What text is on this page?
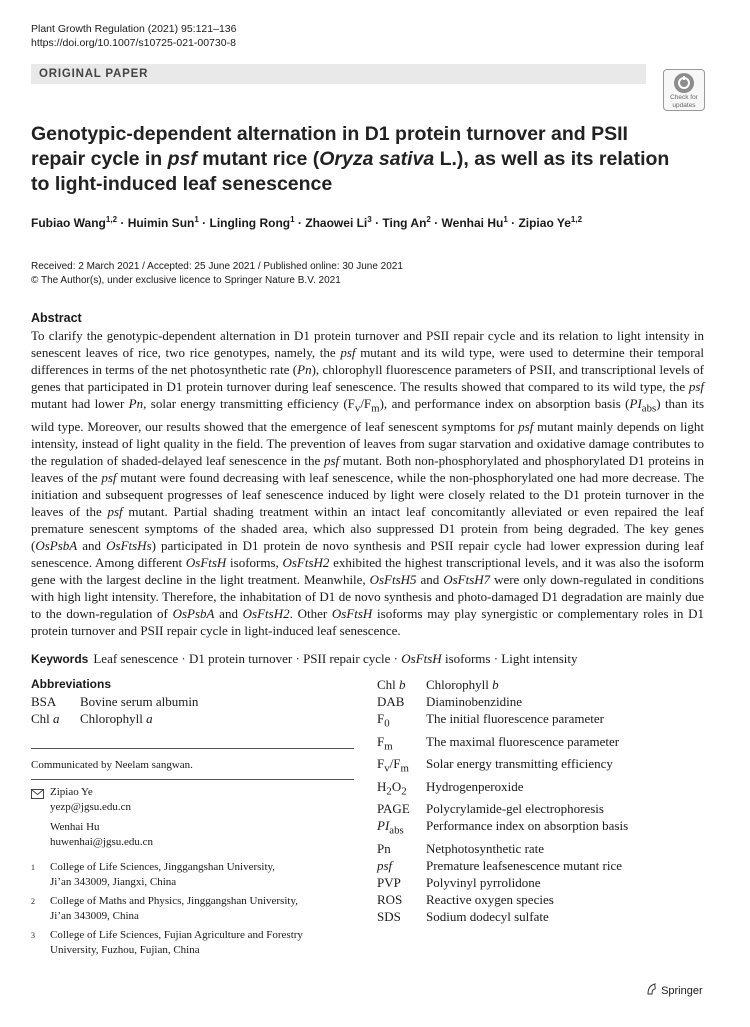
Plant Growth Regulation (2021) 95:121–136
https://doi.org/10.1007/s10725-021-00730-8
ORIGINAL PAPER
Check for
updates
Genotypic-dependent alternation in D1 protein turnover and PSII
repair cycle in psf mutant rice (Oryza sativa L.), as well as its relation
to light-induced leaf senescence
Fubiao Wang$^{1,2}$ · Huimin Sun$^1$ · Lingling Rong$^1$ · Zhaowei $Li^3$ · Ting $An^2$ · Wenhai $Hu^1$ · Zipiao Ye$^{1,2}$
Received: 2 March 2021 / Accepted: 25 June 2021 / Published online: 30 June 2021
© The Author(s), under exclusive licence to Springer Nature B.V. 2021
Abstract
To clarify the genotypic-dependent alternation in D1 protein turnover and PSII repair cycle and its relation to light intensity in senescent leaves of rice, two rice genotypes, namely, the psf mutant and its wild type, were used to determine their temporal differences in terms of the net photosynthetic rate (Pn), chlorophyll fluorescence parameters of PSII, and transcriptional levels of genes that participated in D1 protein turnover during leaf senescence. The results showed that compared to its wild type, the psf mutant had lower Pn, solar energy transmitting efficiency $(F_v/F_m)$, and performance index on absorption basis $(PI_{abs})$ than its wild type. Moreover, our results showed that the emergence of leaf senescent symptoms for psf mutant mainly depends on light intensity, instead of light quality in the field. The prevention of leaves from sugar starvation and oxidative damage contributes to the regulation of shaded-delayed leaf senescence in the psf mutant. Both non-phosphorylated and phosphorylated D1 proteins in leaves of the psf mutant were found decreasing with leaf senescence, while the non-phosphorylated one had more decrease. The initiation and subsequent progresses of leaf senescence induced by light were closely related to the D1 protein turnover in the leaves of the psf mutant. Partial shading treatment within an intact leaf concomitantly alleviated or even repaired the leaf premature senescent symptoms of the shaded area, which also suppressed D1 protein from being degraded. The key genes (OsPsbA and OsFtsHs) participated in D1 protein de novo synthesis and PSII repair cycle had lower expression during leaf senescence. Among different OsFtsH isoforms, OsFtsH2 exhibited the highest transcriptional levels, and it was also the isoform gene with the largest decline in the light treatment. Meanwhile, OsFtsH5 and OsFtsH7 were only down-regulated in conditions with high light intensity. Therefore, the inhabitation of D1 de novo synthesis and photo-damaged D1 degradation are mainly due to the down-regulation of OsPsbA and OsFtsH2. Other OsFtsH isoforms may play synergistic or complementary roles in D1 protein turnover and PSII repair cycle in light-induced leaf senescence.
Keywords Leaf senescence · D1 protein turnover · PSII repair cycle · OsFtsH isoforms · Light intensity
Abbreviations
BSA	Bovine serum albumin
Chl a	Chlorophyll a
Chl b	Chlorophyll b
DAB	Diaminobenzidine
$F_0$	The initial fluorescence parameter
$F_m$	The maximal fluorescence parameter
$F_v/F_m$	Solar energy transmitting efficiency
$H_2O_2$	Hydrogenperoxide
PAGE	Polycrylamide-gel electrophoresis
$PI_{abs}$	Performance index on absorption basis
Pn	Netphotosynthetic rate
psf	Premature leafsenescence mutant rice
PVP	Polyvinyl pyrrolidone
ROS	Reactive oxygen species
SDS	Sodium dodecyl sulfate
Communicated by Neelam sangwan.
Zipiao Ye
yezp@jgsu.edu.cn
Wenhai Hu
huwenhai@jgsu.edu.cn
1 College of Life Sciences, Jinggangshan University,
Ji’an 343009, Jiangxi, China
2 College of Maths and Physics, Jinggangshan University,
Ji’an 343009, China
3 College of Life Sciences, Fujian Agriculture and Forestry
University, Fuzhou, Fujian, China
Springer
